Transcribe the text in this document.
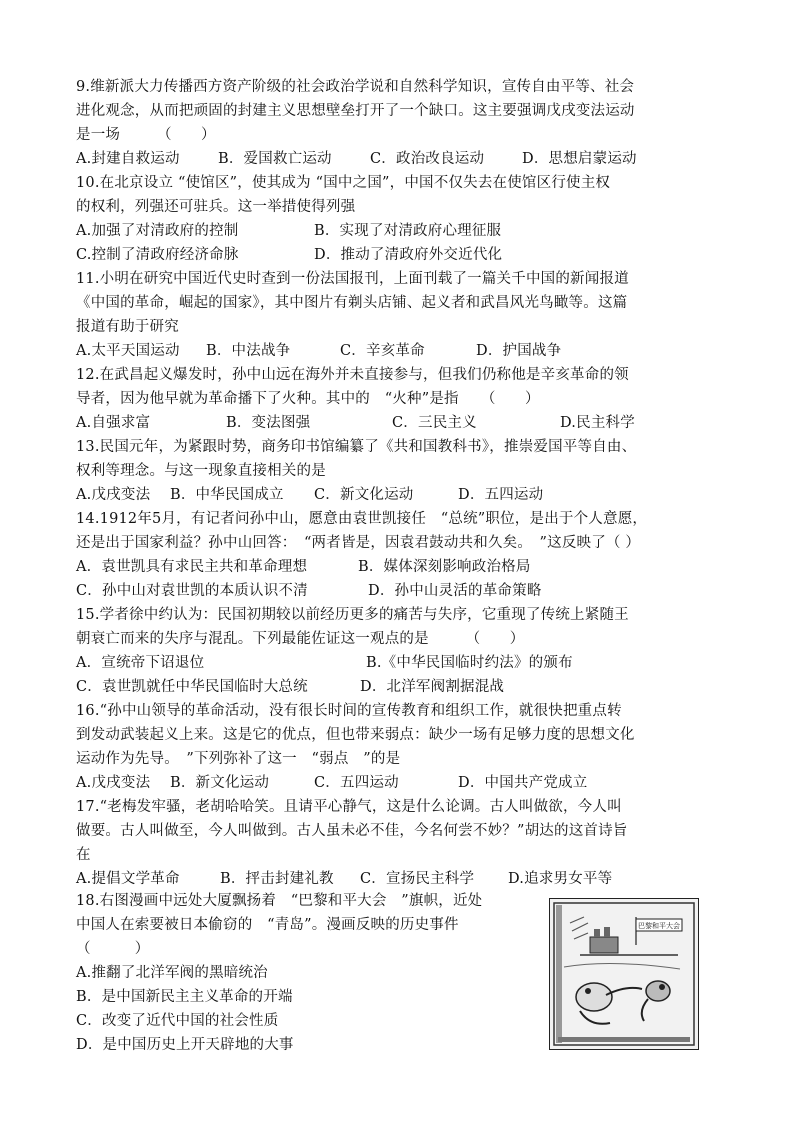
9.维新派大力传播西方资产阶级的社会政治学说和自然科学知识，宣传自由平等、社会
进化观念，从而把顽固的封建主义思想壁垒打开了一个缺口。这主要强调戊戌变法运动
是一场　　　（　　）
A.封建自救运动	B．爱国救亡运动	C．政治改良运动	D．思想启蒙运动
10.在北京设立 “使馆区”，使其成为 “国中之国”，中国不仅失去在使馆区行使主权
的权利，列强还可驻兵。这一举措使得列强
A.加强了对清政府的控制	B．实现了对清政府心理征服
C.控制了清政府经济命脉	D．推动了清政府外交近代化
11.小明在研究中国近代史时查到一份法国报刊，上面刊载了一篇关千中国的新闻报道
《中国的革命，崛起的国家》，其中图片有剃头店铺、起义者和武昌风光鸟瞰等。这篇
报道有助于研究
A.太平天国运动 B．中法战争	C．辛亥革命	D．护国战争
12.在武昌起义爆发时，孙中山远在海外并未直接参与，但我们仍称他是辛亥革命的领
导者，因为他早就为革命播下了火种。其中的　“火种”是指　　（　　）
A.自强求富	B．变法图强	C．三民主义	D.民主科学
13.民国元年，为紧跟时势，商务印书馆编纂了《共和国教科书》，推崇爱国平等自由、
权利等理念。与这一现象直接相关的是
A.戊戌变法 B．中华民国成立 C．新文化运动	D．五四运动
14.1912年5月，有记者问孙中山，愿意由袁世凯接任　“总统”职位，是出于个人意愿，
还是出于国家利益？孙中山回答：　“两者皆是，因袁君鼓动共和久矣。　”这反映了（ ）
A．袁世凯具有求民主共和革命理想	B．媒体深刻影响政治格局
C．孙中山对袁世凯的本质认识不清	D．孙中山灵活的革命策略
15.学者徐中约认为：民国初期较以前经历更多的痛苦与失序，它重现了传统上紧随王
朝衰亡而来的失序与混乱。下列最能佐证这一观点的是　　　（　　）
A．宣统帝下诏退位	B.《中华民国临时约法》的颁布
C．袁世凯就任中华民国临时大总统	D．北洋军阀割据混战
16.“孙中山领导的革命活动，没有很长时间的宣传教育和组织工作，就很快把重点转
到发动武装起义上来。这是它的优点，但也带来弱点：缺少一场有足够力度的思想文化
运动作为先导。　”下列弥补了这一　“弱点　”的是
A.戊戌变法 B．新文化运动	C．五四运动	D．中国共产党成立
17.“老梅发牢骚，老胡哈哈笑。且请平心静气，这是什么论调。古人叫做欲，今人叫
做要。古人叫做至，今人叫做到。古人虽未必不佳，今名何尝不妙？”胡达的这首诗旨
在
A.提倡文学革命	B．抨击封建礼教 C．宣扬民主科学 D.追求男女平等
18.右图漫画中远处大厦飘扬着　“巴黎和平大会　”旗帜，近处
中国人在索要被日本偷窃的　“青岛”。漫画反映的历史事件
（　　　）
A.推翻了北洋军阀的黑暗统治
B．是中国新民主主义革命的开端
C．改变了近代中国的社会性质
D．是中国历史上开天辟地的大事
巴黎和平大会
